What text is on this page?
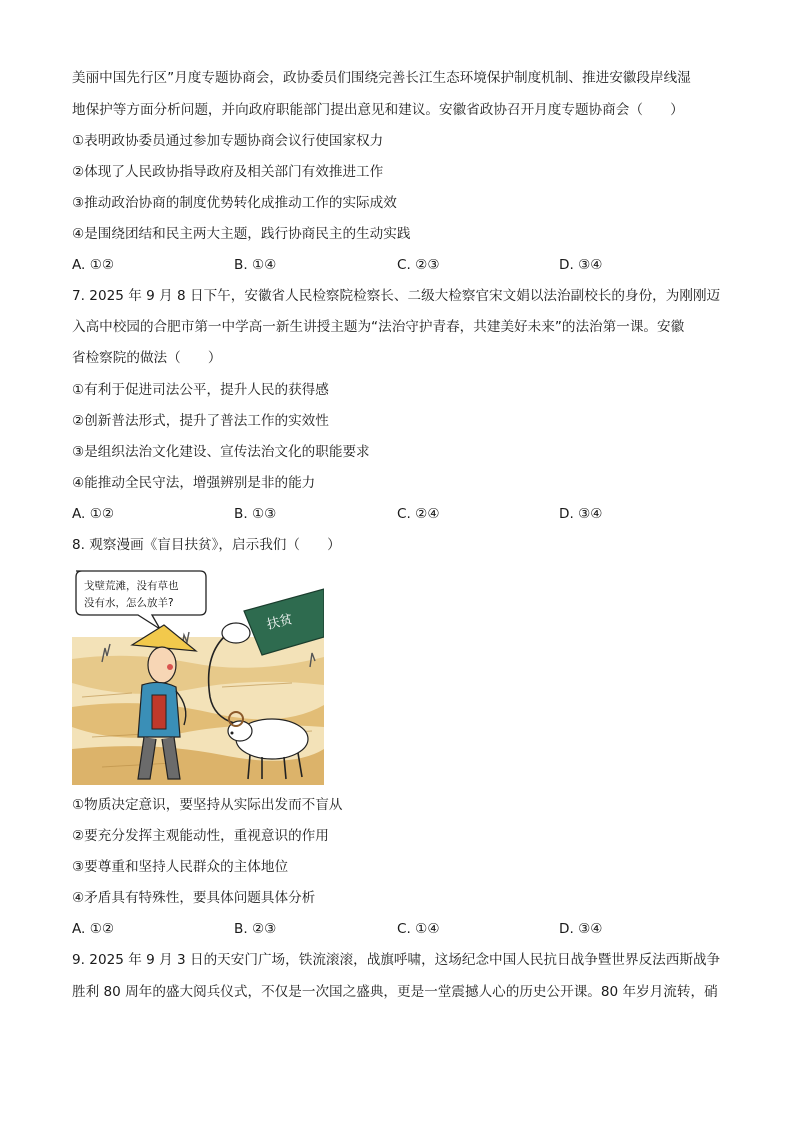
美丽中国先行区”月度专题协商会，政协委员们围绕完善长江生态环境保护制度机制、推进安徽段岸线湿
地保护等方面分析问题，并向政府职能部门提出意见和建议。安徽省政协召开月度专题协商会（　　）
①表明政协委员通过参加专题协商会议行使国家权力
②体现了人民政协指导政府及相关部门有效推进工作
③推动政治协商的制度优势转化成推动工作的实际成效
④是围绕团结和民主两大主题，践行协商民主的生动实践
A. ①②	B. ①④	C. ②③	D. ③④
7. 2025 年 9 月 8 日下午，安徽省人民检察院检察长、二级大检察官宋文娟以法治副校长的身份，为刚刚迈
入高中校园的合肥市第一中学高一新生讲授主题为“法治守护青春，共建美好未来”的法治第一课。安徽
省检察院的做法（　　）
①有利于促进司法公平，提升人民的获得感
②创新普法形式，提升了普法工作的实效性
③是组织法治文化建设、宣传法治文化的职能要求
④能推动全民守法，增强辨别是非的能力
A. ①②	B. ①③	C. ②④	D. ③④
8. 观察漫画《盲目扶贫》，启示我们（　　）
戈壁荒滩，没有草也
没有水，怎么放羊?
扶贫
①物质决定意识，要坚持从实际出发而不盲从
②要充分发挥主观能动性，重视意识的作用
③要尊重和坚持人民群众的主体地位
④矛盾具有特殊性，要具体问题具体分析
A. ①②	B. ②③	C. ①④	D. ③④
9. 2025 年 9 月 3 日的天安门广场，铁流滚滚，战旗呼啸，这场纪念中国人民抗日战争暨世界反法西斯战争
胜利 80 周年的盛大阅兵仪式，不仅是一次国之盛典，更是一堂震撼人心的历史公开课。80 年岁月流转，硝
